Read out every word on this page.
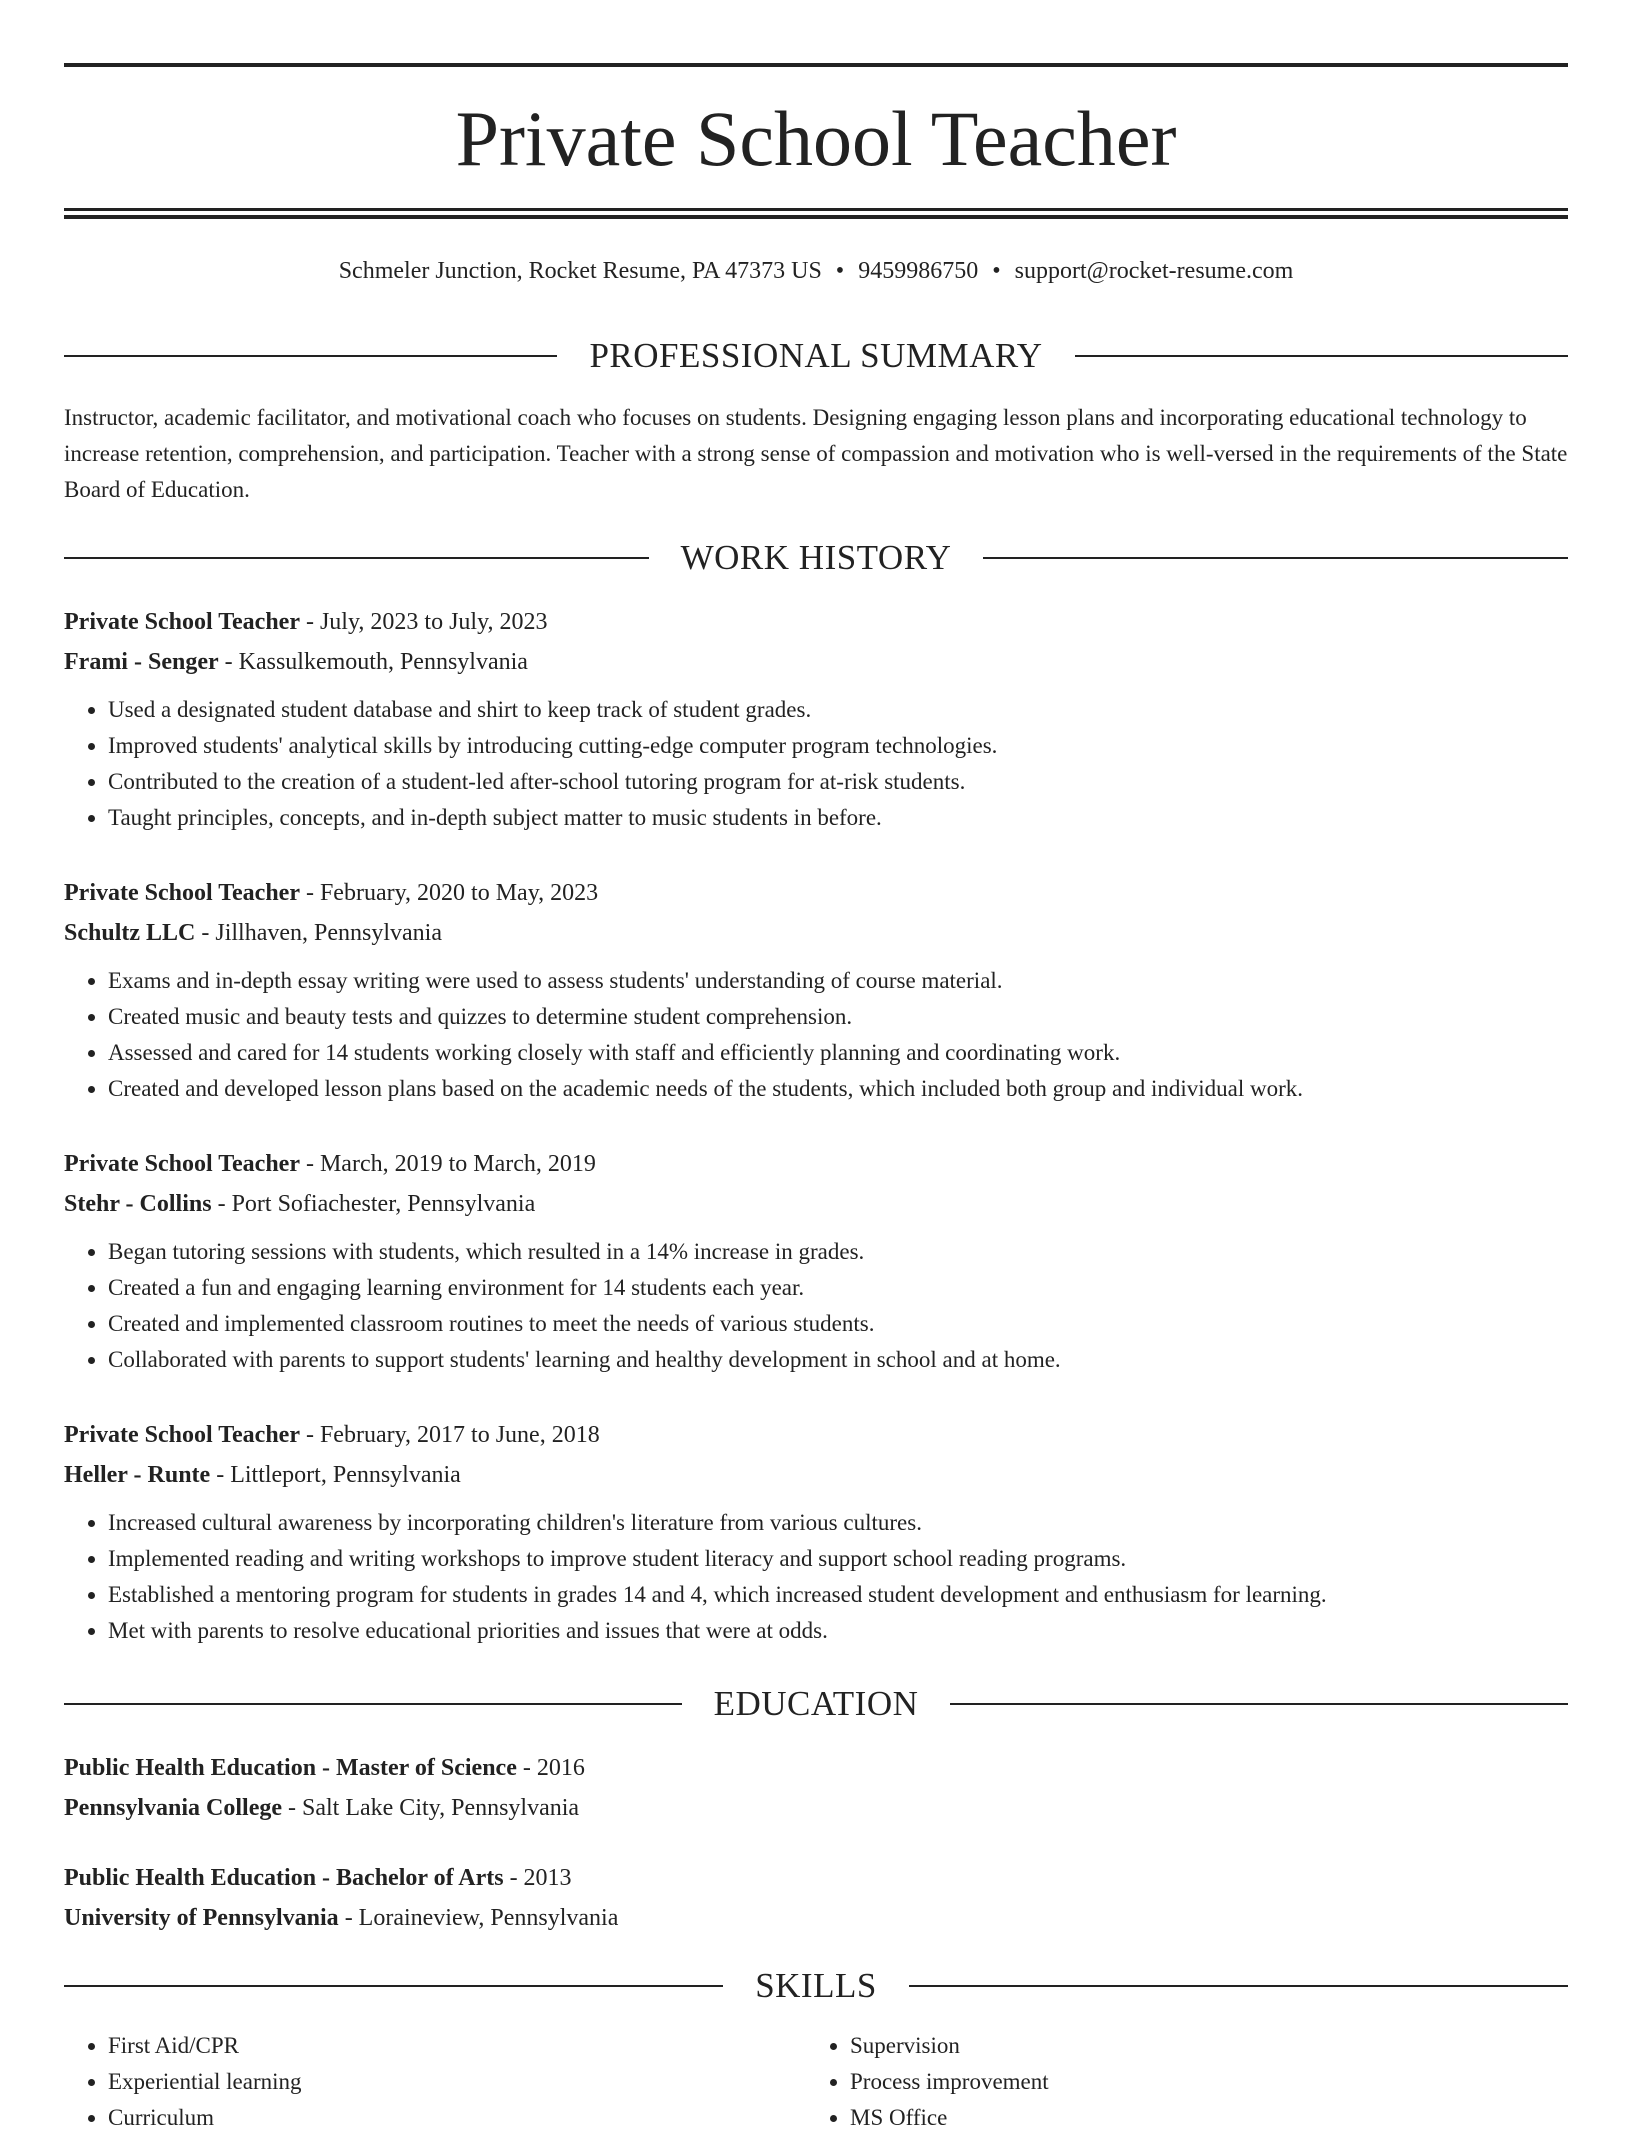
Private School Teacher
Schmeler Junction, Rocket Resume, PA 47373 US • 9459986750 • support@rocket-resume.com
PROFESSIONAL SUMMARY

Instructor, academic facilitator, and motivational coach who focuses on students. Designing engaging lesson plans and incorporating educational technology to increase retention, comprehension, and participation. Teacher with a strong sense of compassion and motivation who is well-versed in the requirements of the State Board of Education.

WORK HISTORY
Private School Teacher - July, 2023 to July, 2023
Frami - Senger - Kassulkemouth, Pennsylvania
• Used a designated student database and shirt to keep track of student grades.
• Improved students' analytical skills by introducing cutting-edge computer program technologies.
• Contributed to the creation of a student-led after-school tutoring program for at-risk students.
• Taught principles, concepts, and in-depth subject matter to music students in before.
Private School Teacher - February, 2020 to May, 2023
Schultz LLC - Jillhaven, Pennsylvania
• Exams and in-depth essay writing were used to assess students' understanding of course material.
• Created music and beauty tests and quizzes to determine student comprehension.
• Assessed and cared for 14 students working closely with staff and efficiently planning and coordinating work.
• Created and developed lesson plans based on the academic needs of the students, which included both group and individual work.
Private School Teacher - March, 2019 to March, 2019
Stehr - Collins - Port Sofiachester, Pennsylvania
• Began tutoring sessions with students, which resulted in a 14% increase in grades.
• Created a fun and engaging learning environment for 14 students each year.
• Created and implemented classroom routines to meet the needs of various students.
• Collaborated with parents to support students' learning and healthy development in school and at home.
Private School Teacher - February, 2017 to June, 2018
Heller - Runte - Littleport, Pennsylvania
• Increased cultural awareness by incorporating children's literature from various cultures.
• Implemented reading and writing workshops to improve student literacy and support school reading programs.
• Established a mentoring program for students in grades 14 and 4, which increased student development and enthusiasm for learning.
• Met with parents to resolve educational priorities and issues that were at odds.
EDUCATION
Public Health Education - Master of Science - 2016
Pennsylvania College - Salt Lake City, Pennsylvania
Public Health Education - Bachelor of Arts - 2013
University of Pennsylvania - Loraineview, Pennsylvania
SKILLS
• First Aid/CPR
• Experiential learning
• Curriculum
• Supervision
• Process improvement
• MS Office
